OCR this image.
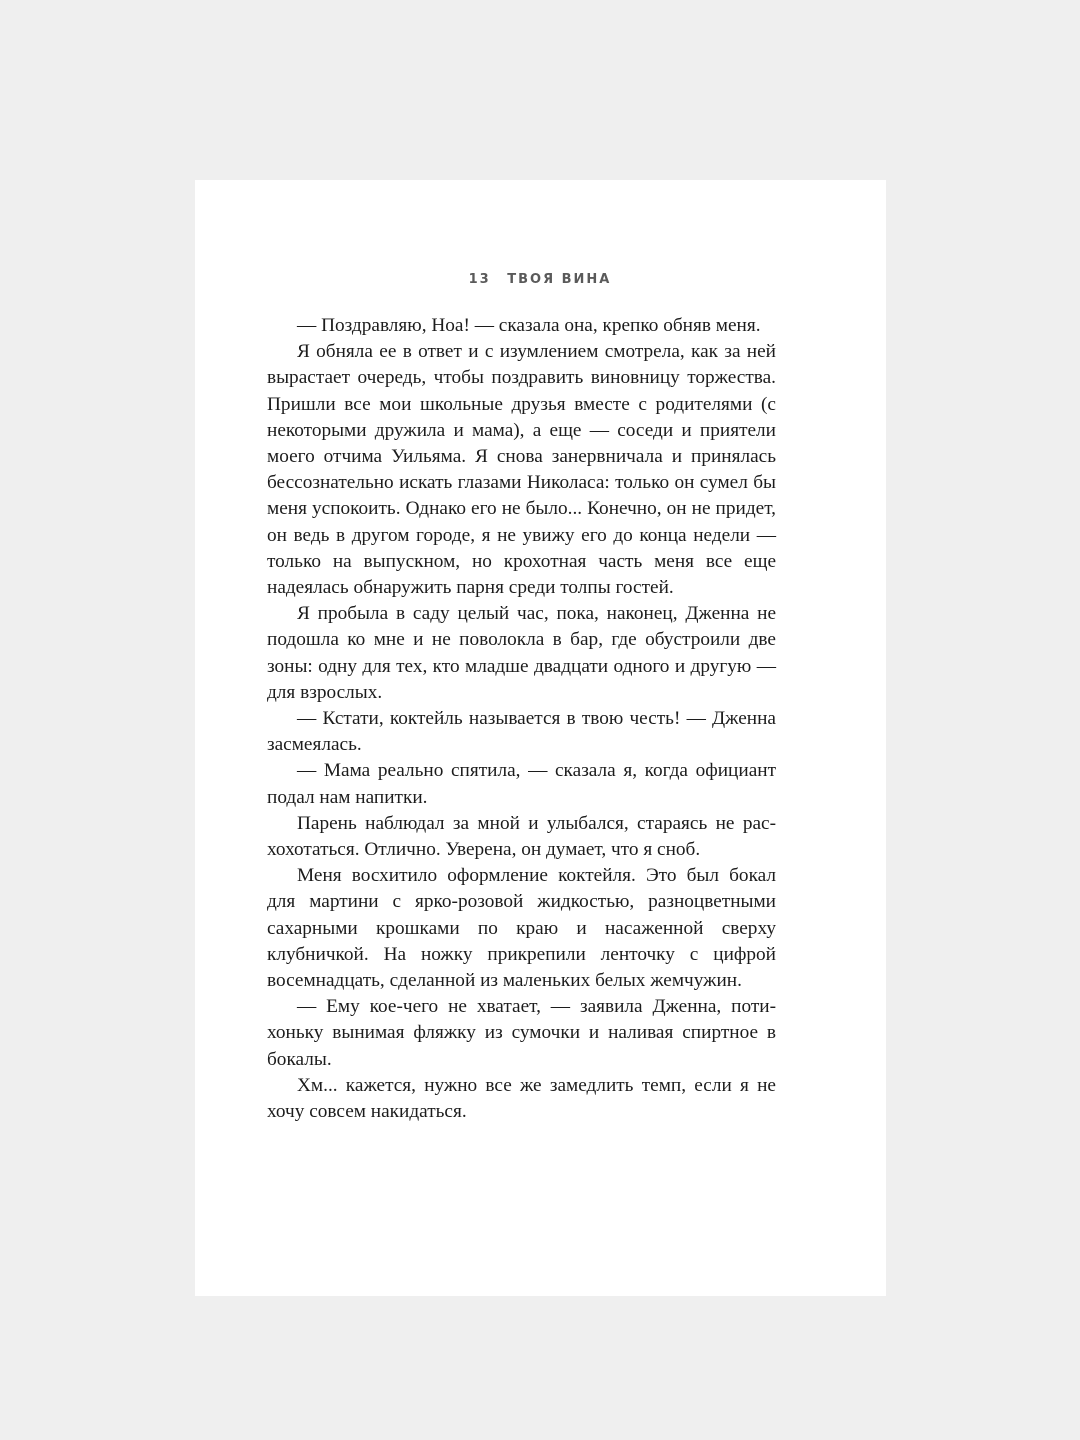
13 ТВОЯ ВИНА

— Поздравляю, Ноа! — сказала она, крепко обняв меня.

Я обняла ее в ответ и с изумлением смотрела, как за ней вырастает очередь, чтобы поздравить виновницу торжества. Пришли все мои школьные друзья вместе с родителями (с некоторыми дружила и мама), а еще — соседи и приятели моего отчима Уильяма. Я снова занервничала и принялась бессознательно искать глазами Николаса: только он сумел бы меня успокоить. Однако его не было... Конечно, он не придет, он ведь в другом городе, я не увижу его до конца недели — только на выпускном, но крохотная часть меня все еще надеялась обнаружить парня среди толпы гостей.

Я пробыла в саду целый час, пока, наконец, Дженна не подошла ко мне и не поволокла в бар, где обустроили две зоны: одну для тех, кто младше двадцати одного и другую — для взрослых.

— Кстати, коктейль называется в твою честь! — Дженна засмеялась.

— Мама реально спятила, — сказала я, когда официант подал нам напитки.

Парень наблюдал за мной и улыбался, стараясь не расхохотаться. Отлично. Уверена, он думает, что я сноб.

Меня восхитило оформление коктейля. Это был бокал для мартини с ярко-розовой жидкостью, разноцветными сахарными крошками по краю и насаженной сверху клубничкой. На ножку прикрепили ленточку с цифрой восемнадцать, сделанной из маленьких белых жемчужин.

— Ему кое-чего не хватает, — заявила Дженна, потихоньку вынимая фляжку из сумочки и наливая спиртное в бокалы.

Хм... кажется, нужно все же замедлить темп, если я не хочу совсем накидаться.
